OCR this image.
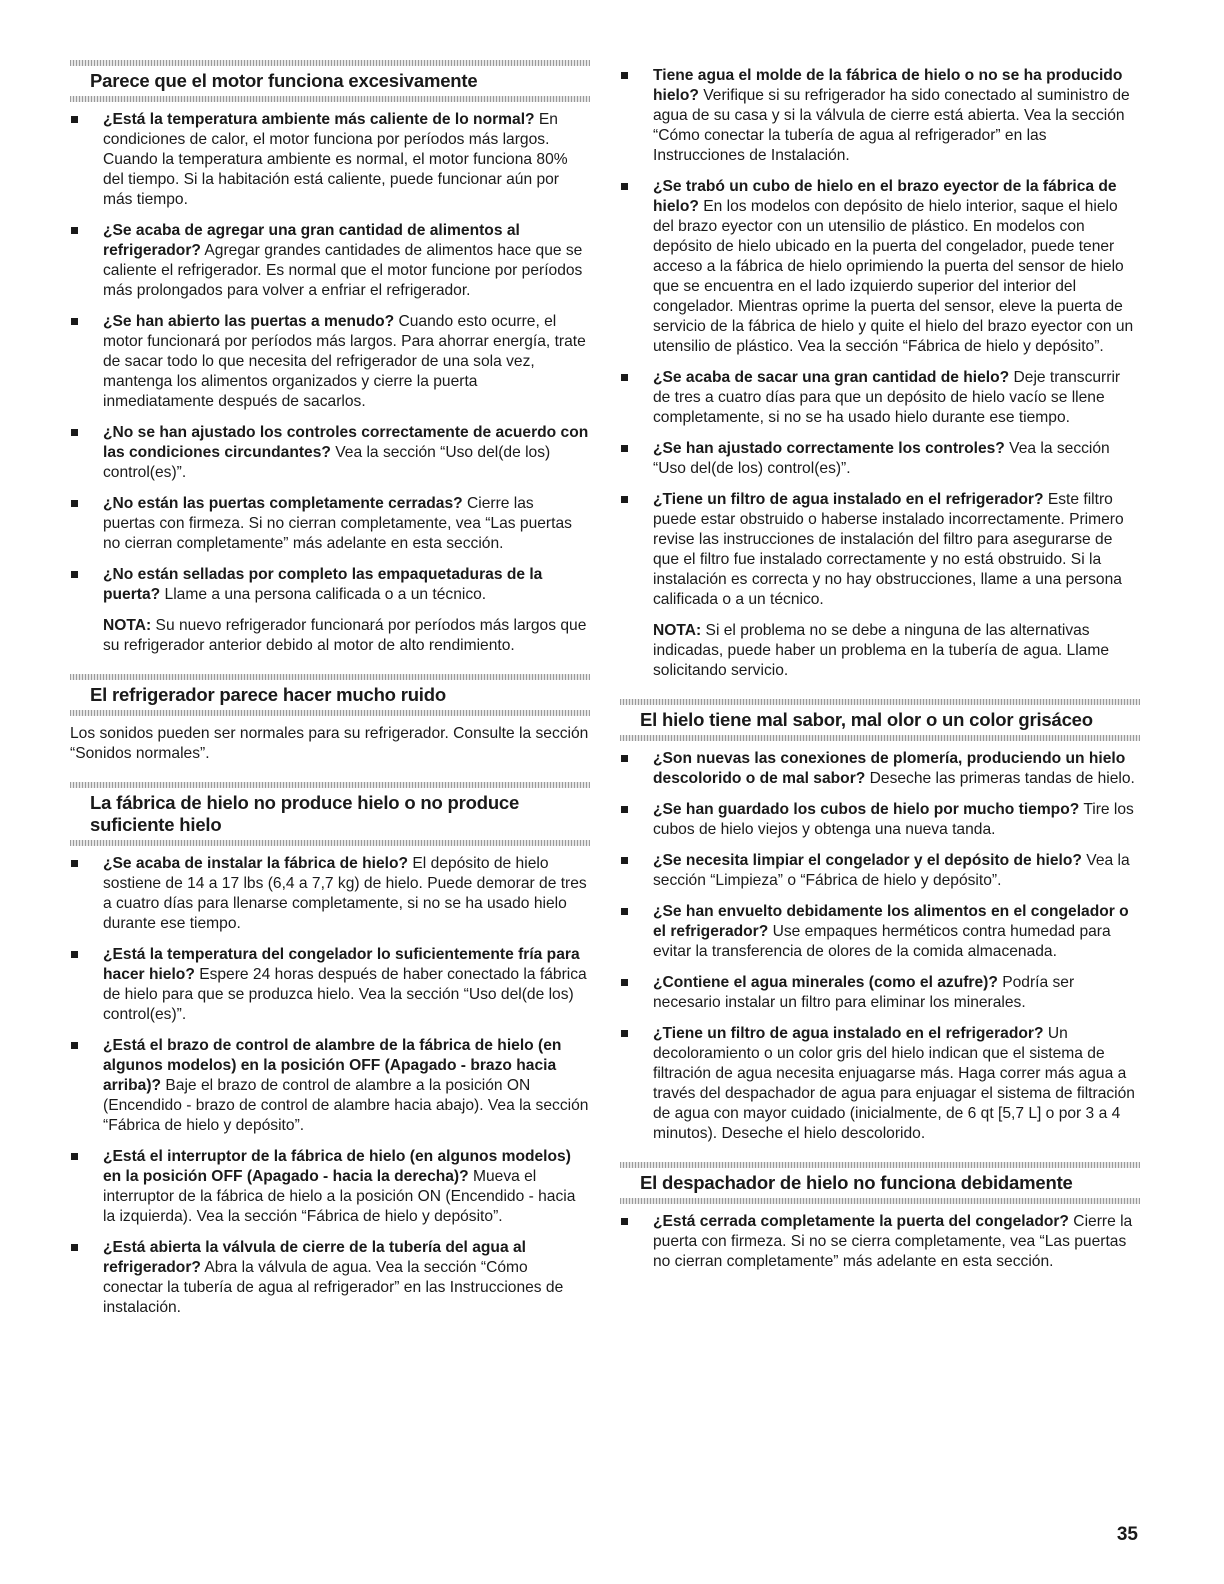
Parece que el motor funciona excesivamente
¿Está la temperatura ambiente más caliente de lo normal? En condiciones de calor, el motor funciona por períodos más largos. Cuando la temperatura ambiente es normal, el motor funciona 80% del tiempo. Si la habitación está caliente, puede funcionar aún por más tiempo.
¿Se acaba de agregar una gran cantidad de alimentos al refrigerador? Agregar grandes cantidades de alimentos hace que se caliente el refrigerador. Es normal que el motor funcione por períodos más prolongados para volver a enfriar el refrigerador.
¿Se han abierto las puertas a menudo? Cuando esto ocurre, el motor funcionará por períodos más largos. Para ahorrar energía, trate de sacar todo lo que necesita del refrigerador de una sola vez, mantenga los alimentos organizados y cierre la puerta inmediatamente después de sacarlos.
¿No se han ajustado los controles correctamente de acuerdo con las condiciones circundantes? Vea la sección “Uso del(de los) control(es)”.
¿No están las puertas completamente cerradas? Cierre las puertas con firmeza. Si no cierran completamente, vea “Las puertas no cierran completamente” más adelante en esta sección.
¿No están selladas por completo las empaquetaduras de la puerta? Llame a una persona calificada o a un técnico.

NOTA: Su nuevo refrigerador funcionará por períodos más largos que su refrigerador anterior debido al motor de alto rendimiento.

El refrigerador parece hacer mucho ruido

Los sonidos pueden ser normales para su refrigerador. Consulte la sección “Sonidos normales”.

La fábrica de hielo no produce hielo o no produce suficiente hielo
¿Se acaba de instalar la fábrica de hielo? El depósito de hielo sostiene de 14 a 17 lbs (6,4 a 7,7 kg) de hielo. Puede demorar de tres a cuatro días para llenarse completamente, si no se ha usado hielo durante ese tiempo.
¿Está la temperatura del congelador lo suficientemente fría para hacer hielo? Espere 24 horas después de haber conectado la fábrica de hielo para que se produzca hielo. Vea la sección “Uso del(de los) control(es)”.
¿Está el brazo de control de alambre de la fábrica de hielo (en algunos modelos) en la posición OFF (Apagado - brazo hacia arriba)? Baje el brazo de control de alambre a la posición ON (Encendido - brazo de control de alambre hacia abajo). Vea la sección “Fábrica de hielo y depósito”.
¿Está el interruptor de la fábrica de hielo (en algunos modelos) en la posición OFF (Apagado - hacia la derecha)? Mueva el interruptor de la fábrica de hielo a la posición ON (Encendido - hacia la izquierda). Vea la sección “Fábrica de hielo y depósito”.
¿Está abierta la válvula de cierre de la tubería del agua al refrigerador? Abra la válvula de agua. Vea la sección “Cómo conectar la tubería de agua al refrigerador” en las Instrucciones de instalación.
Tiene agua el molde de la fábrica de hielo o no se ha producido hielo? Verifique si su refrigerador ha sido conectado al suministro de agua de su casa y si la válvula de cierre está abierta. Vea la sección “Cómo conectar la tubería de agua al refrigerador” en las Instrucciones de Instalación.
¿Se trabó un cubo de hielo en el brazo eyector de la fábrica de hielo? En los modelos con depósito de hielo interior, saque el hielo del brazo eyector con un utensilio de plástico. En modelos con depósito de hielo ubicado en la puerta del congelador, puede tener acceso a la fábrica de hielo oprimiendo la puerta del sensor de hielo que se encuentra en el lado izquierdo superior del interior del congelador. Mientras oprime la puerta del sensor, eleve la puerta de servicio de la fábrica de hielo y quite el hielo del brazo eyector con un utensilio de plástico. Vea la sección “Fábrica de hielo y depósito”.
¿Se acaba de sacar una gran cantidad de hielo? Deje transcurrir de tres a cuatro días para que un depósito de hielo vacío se llene completamente, si no se ha usado hielo durante ese tiempo.
¿Se han ajustado correctamente los controles? Vea la sección “Uso del(de los) control(es)”.
¿Tiene un filtro de agua instalado en el refrigerador? Este filtro puede estar obstruido o haberse instalado incorrectamente. Primero revise las instrucciones de instalación del filtro para asegurarse de que el filtro fue instalado correctamente y no está obstruido. Si la instalación es correcta y no hay obstrucciones, llame a una persona calificada o a un técnico.

NOTA: Si el problema no se debe a ninguna de las alternativas indicadas, puede haber un problema en la tubería de agua. Llame solicitando servicio.

El hielo tiene mal sabor, mal olor o un color grisáceo
¿Son nuevas las conexiones de plomería, produciendo un hielo descolorido o de mal sabor? Deseche las primeras tandas de hielo.
¿Se han guardado los cubos de hielo por mucho tiempo? Tire los cubos de hielo viejos y obtenga una nueva tanda.
¿Se necesita limpiar el congelador y el depósito de hielo? Vea la sección “Limpieza” o “Fábrica de hielo y depósito”.
¿Se han envuelto debidamente los alimentos en el congelador o el refrigerador? Use empaques herméticos contra humedad para evitar la transferencia de olores de la comida almacenada.
¿Contiene el agua minerales (como el azufre)? Podría ser necesario instalar un filtro para eliminar los minerales.
¿Tiene un filtro de agua instalado en el refrigerador? Un decoloramiento o un color gris del hielo indican que el sistema de filtración de agua necesita enjuagarse más. Haga correr más agua a través del despachador de agua para enjuagar el sistema de filtración de agua con mayor cuidado (inicialmente, de 6 qt [5,7 L] o por 3 a 4 minutos). Deseche el hielo descolorido.
El despachador de hielo no funciona debidamente
¿Está cerrada completamente la puerta del congelador? Cierre la puerta con firmeza. Si no se cierra completamente, vea “Las puertas no cierran completamente” más adelante en esta sección.
35
